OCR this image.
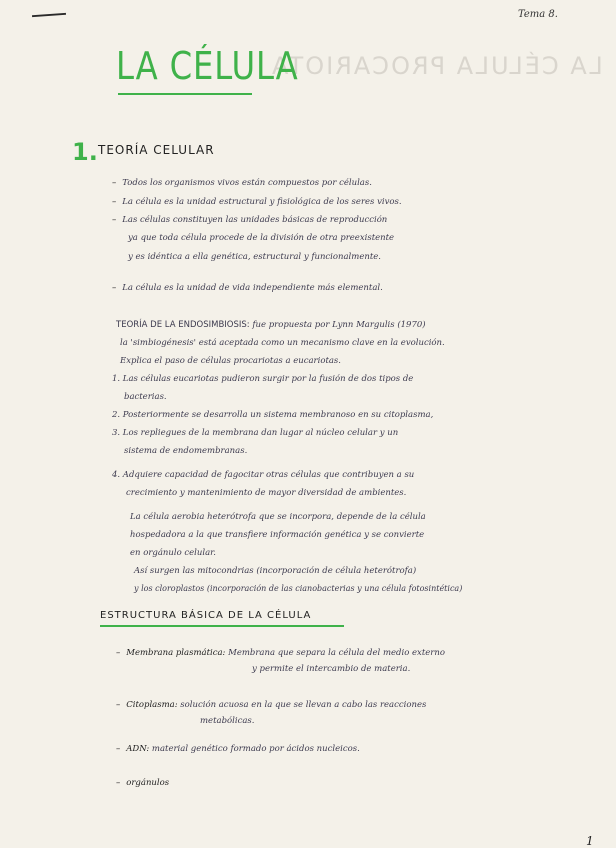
Tema 8.
LA CÉLULA PROCARIOTA
LA CÉLULA
1. TEORÍA CELULAR
– Todos los organismos vivos están compuestos por células.
– La célula es la unidad estructural y fisiológica de los seres vivos.
– Las células constituyen las unidades básicas de reproducción
ya que toda célula procede de la división de otra preexistente
y es idéntica a ella genética, estructural y funcionalmente.
– La célula es la unidad de vida independiente más elemental.
TEORÍA DE LA ENDOSIMBIOSIS: fue propuesta por Lynn Margulis (1970)
la 'simbiogénesis' está aceptada como un mecanismo clave en la evolución.
Explica el paso de células procariotas a eucariotas.
1. Las células eucariotas pudieron surgir por la fusión de dos tipos de
bacterias.
2. Posteriormente se desarrolla un sistema membranoso en su citoplasma,
3. Los repliegues de la membrana dan lugar al núcleo celular y un
sistema de endomembranas.
4. Adquiere capacidad de fagocitar otras células que contribuyen a su
crecimiento y mantenimiento de mayor diversidad de ambientes.
La célula aerobia heterótrofa que se incorpora, depende de la célula
hospedadora a la que transfiere información genética y se convierte
en orgánulo celular.
Así surgen las mitocondrias (incorporación de célula heterótrofa)
y los cloroplastos (incorporación de las cianobacterias y una célula fotosintética)
ESTRUCTURA BÁSICA DE LA CÉLULA
– Membrana plasmática: Membrana que separa la célula del medio externo
y permite el intercambio de materia.
– Citoplasma: solución acuosa en la que se llevan a cabo las reacciones
metabólicas.
– ADN: material genético formado por ácidos nucleicos.
– orgánulos
1
